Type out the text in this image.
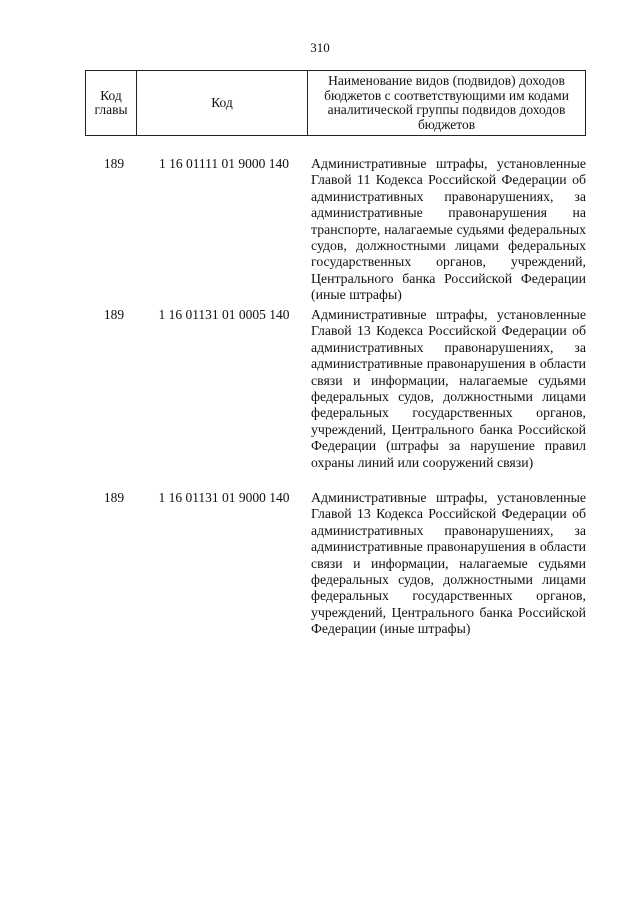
310
Код главы	Код	Наименование видов (подвидов) доходов бюджетов с соответствующими им кодами аналитической группы подвидов доходов бюджетов
189	1 16 01111 01 9000 140	Административные штрафы, установленные Главой 11 Кодекса Российской Федерации об административных правонарушениях, за административные правонарушения на транспорте, налагаемые судьями федеральных судов, должностными лицами федеральных государственных органов, учреждений, Центрального банка Российской Федерации (иные штрафы)
189	1 16 01131 01 0005 140	Административные штрафы, установленные Главой 13 Кодекса Российской Федерации об административных правонарушениях, за административные правонарушения в области связи и информации, налагаемые судьями федеральных судов, должностными лицами федеральных государственных органов, учреждений, Центрального банка Российской Федерации (штрафы за нарушение правил охраны линий или сооружений связи)
189	1 16 01131 01 9000 140	Административные штрафы, установленные Главой 13 Кодекса Российской Федерации об административных правонарушениях, за административные правонарушения в области связи и информации, налагаемые судьями федеральных судов, должностными лицами федеральных государственных органов, учреждений, Центрального банка Российской Федерации (иные штрафы)
